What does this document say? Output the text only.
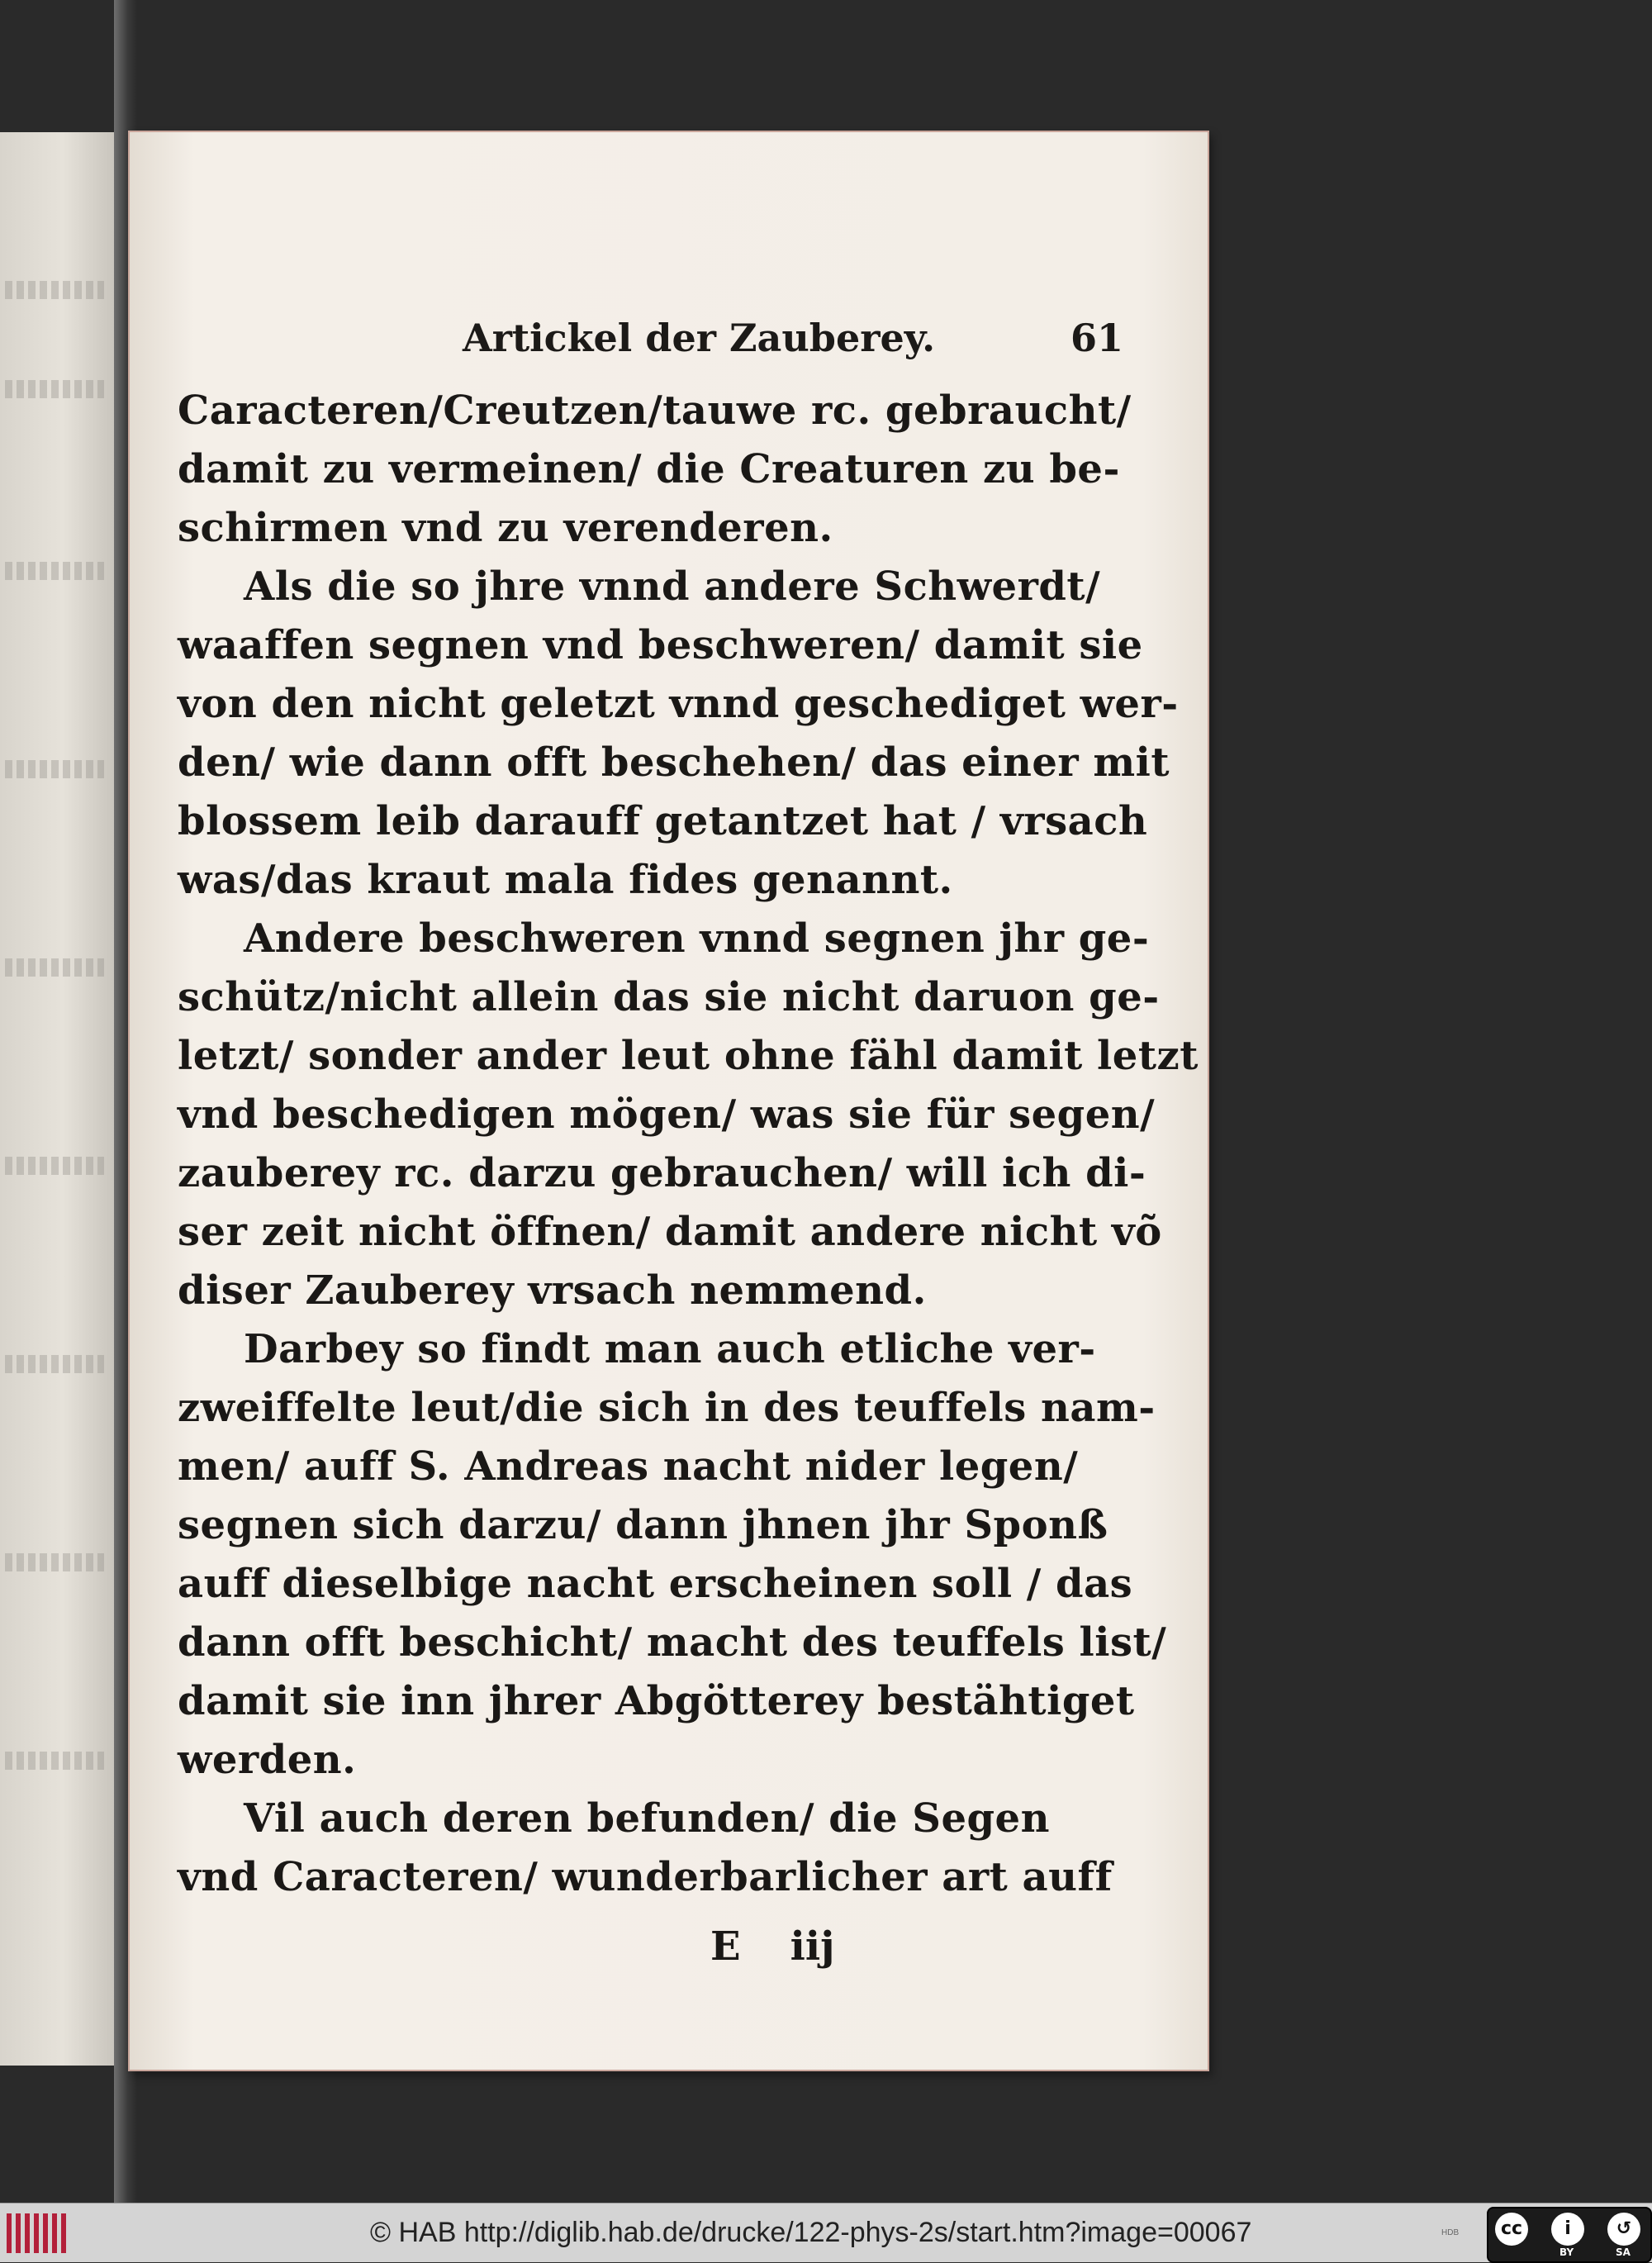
Artickel der Zauberey.	61
Caracteren/Creutzen/tauwe rc. gebraucht/
damit zu vermeinen/ die Creaturen zu be-
schirmen vnd zu verenderen.
Als die so jhre vnnd andere Schwerdt/
waaffen segnen vnd beschweren/ damit sie
von den nicht geletzt vnnd geschediget wer-
den/ wie dann offt beschehen/ das einer mit
blossem leib darauff getantzet hat / vrsach
was/das kraut mala fides genannt.
Andere beschweren vnnd segnen jhr ge-
schütz/nicht allein das sie nicht daruon ge-
letzt/ sonder ander leut ohne fähl damit letzt
vnd beschedigen mögen/ was sie für segen/
zauberey rc. darzu gebrauchen/ will ich di-
ser zeit nicht öffnen/ damit andere nicht võ
diser Zauberey vrsach nemmend.
Darbey so findt man auch etliche ver-
zweiffelte leut/die sich in des teuffels nam-
men/ auff S. Andreas nacht nider legen/
segnen sich darzu/ dann jhnen jhr Sponß
auff dieselbige nacht erscheinen soll / das
dann offt beschicht/ macht des teuffels list/
damit sie inn jhrer Abgötterey bestähtiget
werden.
Vil auch deren befunden/ die Segen
vnd Caracteren/ wunderbarlicher art auff
E iij
© HAB http://diglib.hab.de/drucke/122-phys-2s/start.htm?image=00067	HDB	cc	i	↺
BY	SA
